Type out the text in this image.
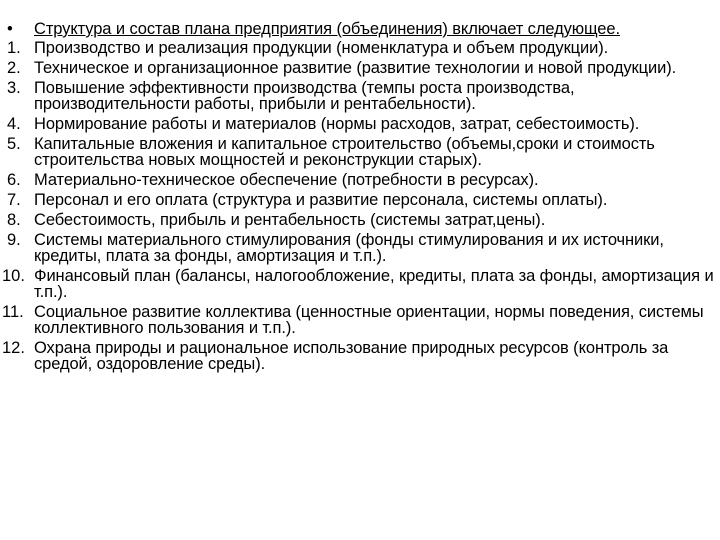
•	Структура и состав плана предприятия (объединения) включает следующее.
1. Производство и реализация продукции (номенклатура и объем продукции).
2. Техническое и организационное развитие (развитие технологии и новой продукции).
3. Повышение эффективности производства (темпы роста производства, производительности работы, прибыли и рентабельности).
4. Нормирование работы и материалов (нормы расходов, затрат, себестоимость).
5. Капитальные вложения и капитальное строительство (объемы,сроки и стоимость строительства новых мощностей и реконструкции старых).
6. Материально-техническое обеспечение (потребности в ресурсах).
7. Персонал и его оплата (структура и развитие персонала, системы оплаты).
8. Себестоимость, прибыль и рентабельность (системы затрат,цены).
9. Системы материального стимулирования (фонды стимулирования и их источники, кредиты, плата за фонды, амортизация и т.п.).
10. Финансовый план (балансы, налогообложение, кредиты, плата за фонды, амортизация и т.п.).
11. Социальное развитие коллектива (ценностные ориентации, нормы поведения, системы коллективного пользования и т.п.).
12. Охрана природы и рациональное использование природных ресурсов (контроль за средой, оздоровление среды).
